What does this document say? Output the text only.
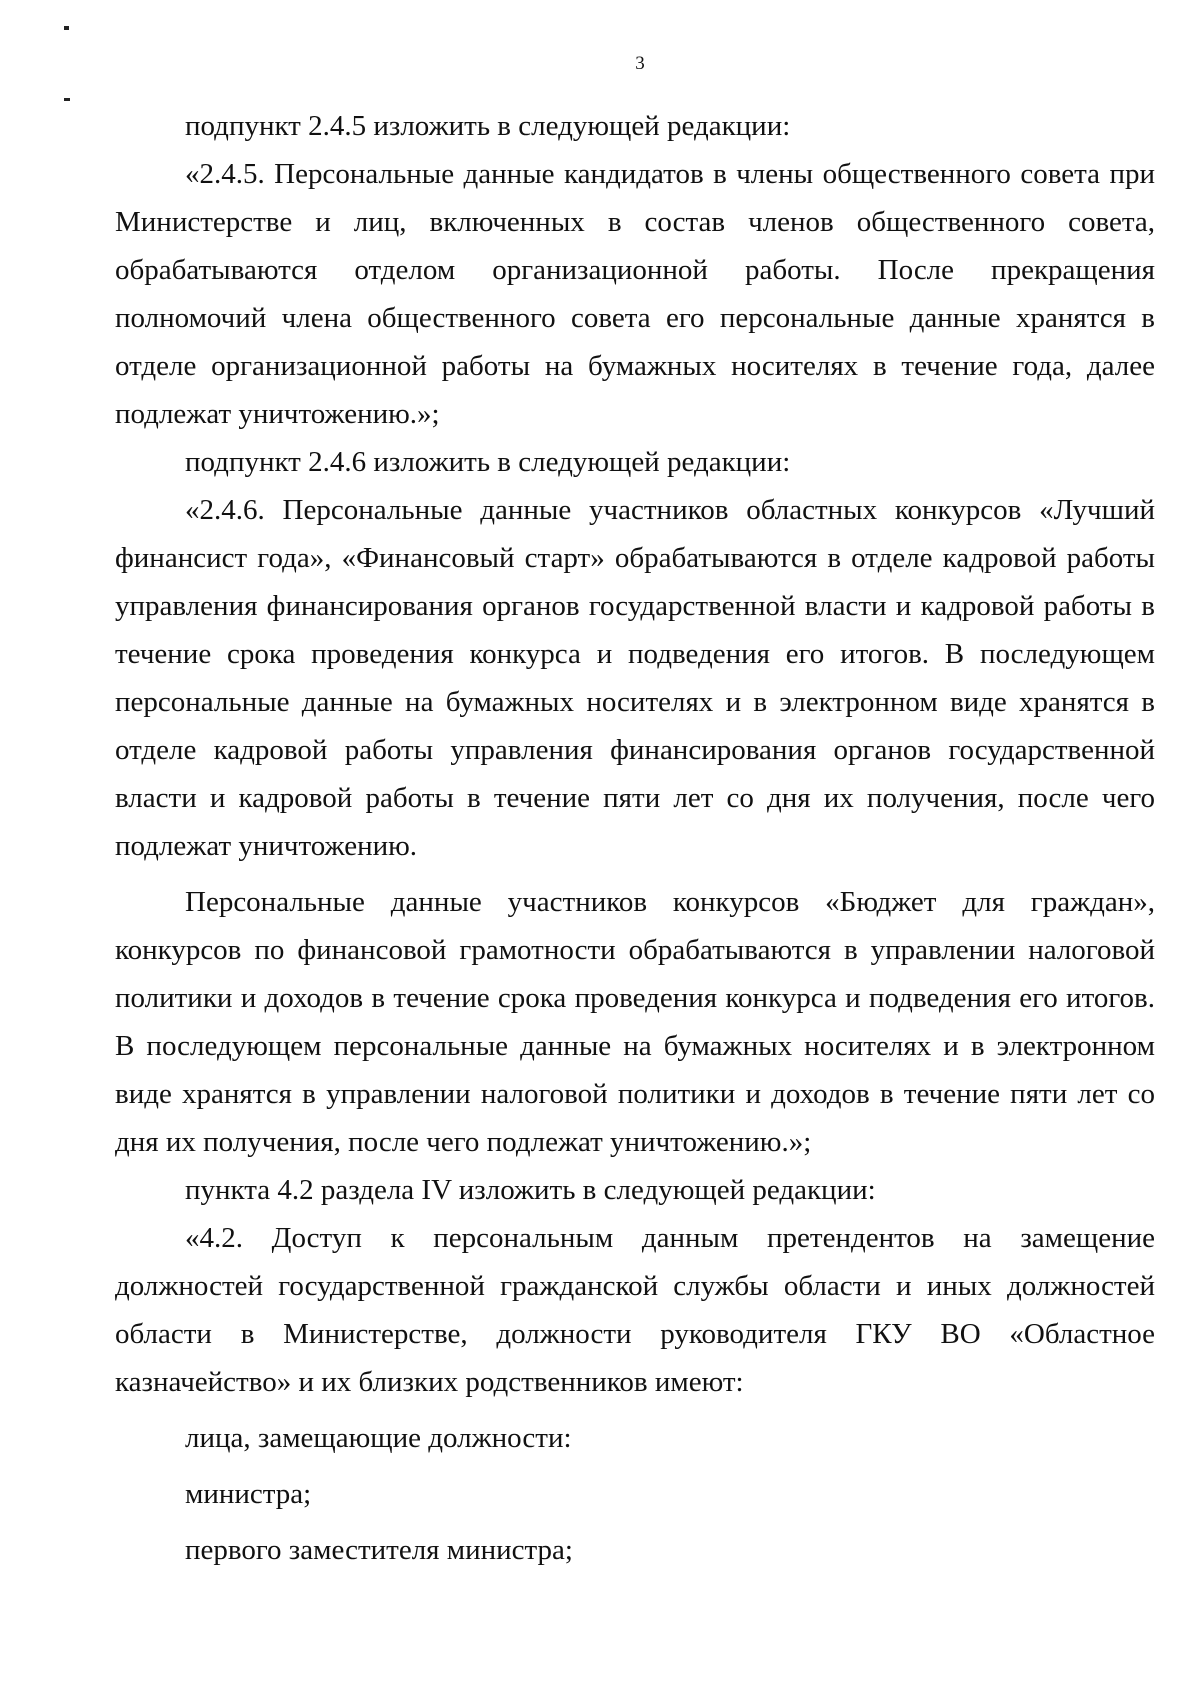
3

подпункт 2.4.5 изложить в следующей редакции:

«2.4.5. Персональные данные кандидатов в члены общественного совета при Министерстве и лиц, включенных в состав членов общественного совета, обрабатываются отделом организационной работы. После прекращения полномочий члена общественного совета его персональные данные хранятся в отделе организационной работы на бумажных носителях в течение года, далее подлежат уничтожению.»;

подпункт 2.4.6 изложить в следующей редакции:

«2.4.6. Персональные данные участников областных конкурсов «Лучший финансист года», «Финансовый старт» обрабатываются в отделе кадровой работы управления финансирования органов государственной власти и кадровой работы в течение срока проведения конкурса и подведения его итогов. В последующем персональные данные на бумажных носителях и в электронном виде хранятся в отделе кадровой работы управления финансирования органов государственной власти и кадровой работы в течение пяти лет со дня их получения, после чего подлежат уничтожению.

Персональные данные участников конкурсов «Бюджет для граждан», конкурсов по финансовой грамотности обрабатываются в управлении налоговой политики и доходов в течение срока проведения конкурса и подведения его итогов. В последующем персональные данные на бумажных носителях и в электронном виде хранятся в управлении налоговой политики и доходов в течение пяти лет со дня их получения, после чего подлежат уничтожению.»;

пункта 4.2 раздела IV изложить в следующей редакции:

«4.2. Доступ к персональным данным претендентов на замещение должностей государственной гражданской службы области и иных должностей области в Министерстве, должности руководителя ГКУ ВО «Областное казначейство» и их близких родственников имеют:

лица, замещающие должности:

министра;

первого заместителя министра;
